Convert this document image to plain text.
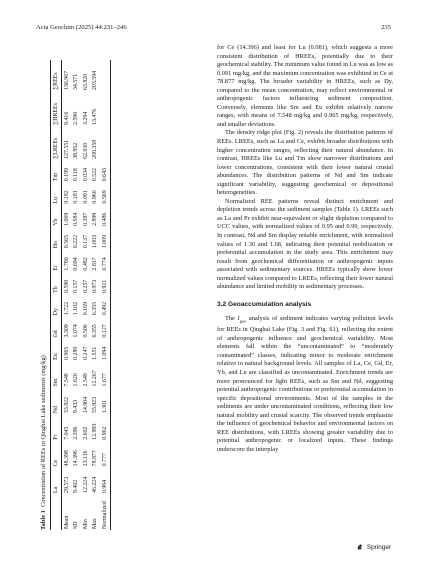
Acta Geochim (2025) 44:231–246	235
Table 1  Concentration of REEs in Qinghai Lake sediments (mg/kg)
	La	Ce	Pr	Nd	Sm	Eu	Gd	Dy	Tb	Er	Ho	Yb	Lu	Tm	∑LREEs	∑HREEs	∑REEs
Mean	29.573	48.398	7.045	33.822	7.548	0.965	3.309	1.722	0.590	1.780	0.565	1.069	0.182	0.199	127.551	9.416	136.967
SD	8.402	14.396	2.396	9.433	1.620	0.280	1.074	1.102	0.157	0.694	0.222	0.584	0.181	0.118	38.952	2.590	34.571
Min	12.224	23.116	2.602	14.904	2.549	0.247	0.506	0.169	0.257	0.482	0.137	0.387	0.091	0.034	62.030	3.294	63.820
Max	46.224	78.877	12.993	55.923	12.267	1.551	6.355	6.355	0.973	2.817	1.003	2.899	0.960	0.522	200.358	13.476	203.594
Normalized	0.964	0.777	0.962	1.301	1.677	1.094	0.127	0.492	0.921	0.774	1.009	0.486	0.569	0.643			

for Ce (14.396) and least for Lu (0.081), which suggests a more consistent distribution of HREEs, potentially due to their geochemical stability. The minimum value found in Lu was as low as 0.091 mg/kg, and the maximum concentration was exhibited in Ce at 78.877 mg/kg. The broader variability in HREEs, such as Dy, compared to the mean concentration, may reflect environmental or anthropogenic factors influencing sediment composition. Conversely, elements like Sm and Eu exhibit relatively narrow ranges, with means of 7.548 mg/kg and 0.965 mg/kg, respectively, and smaller deviations.

The density ridge plot (Fig. 2) reveals the distribution patterns of REEs. LREEs, such as La and Ce, exhibit broader distributions with higher concentration ranges, reflecting their natural abundance. In contrast, HREEs like Lu and Tm show narrower distributions and lower concentrations, consistent with their lower natural crustal abundances. The distribution patterns of Nd and Sm indicate significant variability, suggesting geochemical or depositional heterogeneities.

Normalized REE patterns reveal distinct enrichment and depletion trends across the sediment samples (Table 1). LREEs such as La and Pr exhibit near-equivalent or slight depletion compared to UCC values, with normalized values of 0.95 and 0.99, respectively. In contrast, Nd and Sm display notable enrichment, with normalized values of 1.30 and 1.68, indicating their potential mobilization or preferential accumulation in the study area. This enrichment may result from geochemical differentiation or anthropogenic inputs associated with sedimentary sources. HREEs typically show lower normalized values compared to LREEs, reflecting their lower natural abundance and limited mobility in sedimentary processes.

3.2 Geoaccumulation analysis

The $I_{geo}$ analysis of sediment indicates varying pollution levels for REEs in Qinghai Lake (Fig. 3 and Fig. S1), reflecting the extent of anthropogenic influence and geochemical variability. Most elements fall within the “uncontaminated” to “moderately contaminated” classes, indicating minor to moderate enrichment relative to natural background levels. All samples of La, Ce, Gd, Er, Yb, and Lu are classified as uncontaminated. Enrichment trends are more pronounced for light REEs, such as Sm and Nd, suggesting potential anthropogenic contributions or preferential accumulation in specific depositional environments. Most of the samples in the sediments are under uncontaminated conditions, reflecting their low natural mobility and crustal scarcity. The observed trends emphasize the influence of geochemical behavior and environmental factors on REE distributions, with LREEs showing greater variability due to potential anthropogenic or localized inputs. These findings underscore the interplay

Springer
